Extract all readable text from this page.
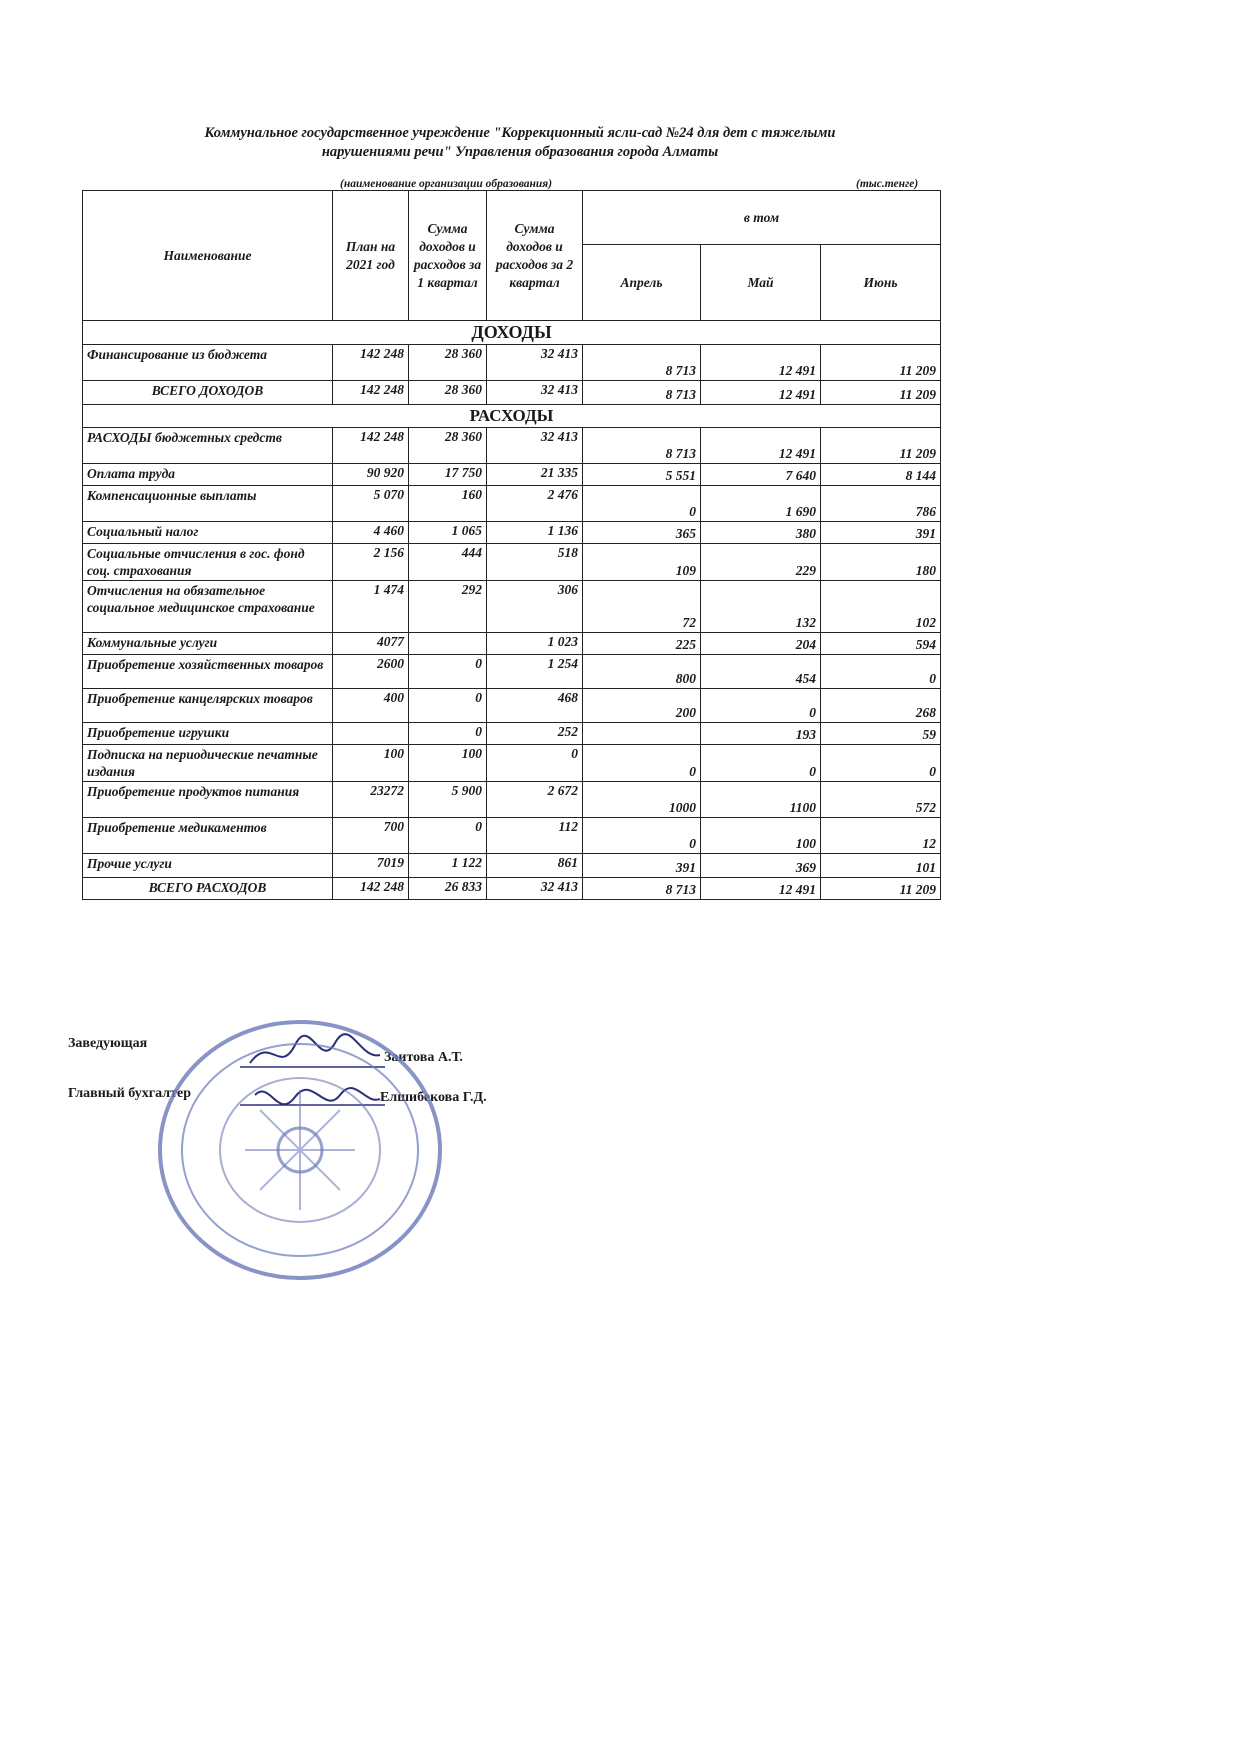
Коммунальное государственное учреждение "Коррекционный ясли-сад №24 для дет с тяжелыми
нарушениями речи" Управления образования города Алматы
(наименование организации образования)	(тыс.тенге)
Наименование	План на 2021 год	Сумма доходов и расходов за 1 квартал	Сумма доходов и расходов за 2 квартал	в том		
				Апрель	Май	Июнь
ДОХОДЫ						
Финансирование из бюджета	142 248	28 360	32 413	8 713	12 491	11 209
ВСЕГО ДОХОДОВ	142 248	28 360	32 413	8 713	12 491	11 209
РАСХОДЫ						
РАСХОДЫ бюджетных средств	142 248	28 360	32 413	8 713	12 491	11 209
Оплата труда	90 920	17 750	21 335	5 551	7 640	8 144
Компенсационные выплаты	5 070	160	2 476	0	1 690	786
Социальный налог	4 460	1 065	1 136	365	380	391
Социальные отчисления в гос. фонд соц. страхования	2 156	444	518	109	229	180
Отчисления на обязательное социальное медицинское страхование	1 474	292	306	72	132	102
Коммунальные услуги	4077		1 023	225	204	594
Приобретение хозяйственных товаров	2600	0	1 254	800	454	0
Приобретение канцелярских товаров	400	0	468	200	0	268
Приобретение игрушки		0	252		193	59
Подписка на периодические печатные издания	100	100	0	0	0	0
Приобретение продуктов питания	23272	5 900	2 672	1000	1100	572
Приобретение медикаментов	700	0	112	0	100	12
Прочие услуги	7019	1 122	861	391	369	101
ВСЕГО РАСХОДОВ	142 248	26 833	32 413	8 713	12 491	11 209
Заведующая
Заитова А.Т.
Главный бухгалтер	Елшибекова Г.Д.
